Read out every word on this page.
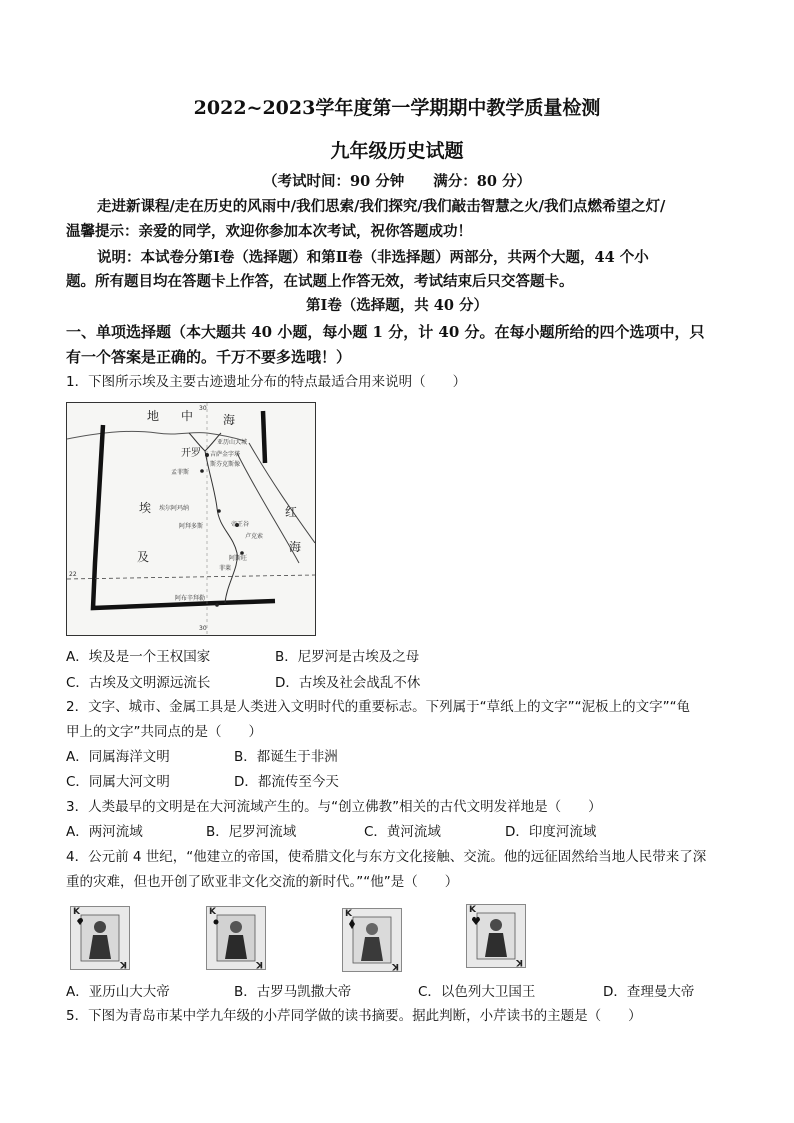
2022~2023学年度第一学期期中教学质量检测
九年级历史试题
（考试时间：90 分钟　　满分：80 分）
走进新课程/走在历史的风雨中/我们思索/我们探究/我们敲击智慧之火/我们点燃希望之灯/
温馨提示：亲爱的同学，欢迎你参加本次考试，祝你答题成功！
说明：本试卷分第Ⅰ卷（选择题）和第Ⅱ卷（非选择题）两部分，共两个大题，44 个小
题。所有题目均在答题卡上作答，在试题上作答无效，考试结束后只交答题卡。
第Ⅰ卷（选择题，共 40 分）
一、单项选择题（本大题共 40 小题，每小题 1 分，计 40 分。在每小题所给的四个选项中，只
有一个答案是正确的。千万不要多选哦！）
1．下图所示埃及主要古迹遗址分布的特点最适合用来说明（　　）
地 中 海
红
海
埃
及
开罗
亚历山大城
吉萨金字塔
斯芬克斯像
孟菲斯
埃尔阿玛纳
阿拜多斯
卢克索
帝王谷
阿斯旺
菲莱
阿布辛拜勒
22
30
30
A．埃及是一个王权国家	B．尼罗河是古埃及之母
C．古埃及文明源远流长	D．古埃及社会战乱不休
2．文字、城市、金属工具是人类进入文明时代的重要标志。下列属于“草纸上的文字”“泥板上的文字”“龟
甲上的文字”共同点的是（　　）
A．同属海洋文明	B．都诞生于非洲
C．同属大河文明	D．都流传至今天
3．人类最早的文明是在大河流域产生的。与“创立佛教”相关的古代文明发祥地是（　　）
A．两河流域	B．尼罗河流域	C．黄河流域	D．印度河流域
4．公元前 4 世纪，“他建立的帝国，使希腊文化与东方文化接触、交流。他的远征固然给当地人民带来了深
重的灾难，但也开创了欧亚非文化交流的新时代。”“他”是（　　）
K
K
K
K
K
K
K
K
A．亚历山大大帝	B．古罗马凯撒大帝	C．以色列大卫国王	D．查理曼大帝
5．下图为青岛市某中学九年级的小芹同学做的读书摘要。据此判断，小芹读书的主题是（　　）
